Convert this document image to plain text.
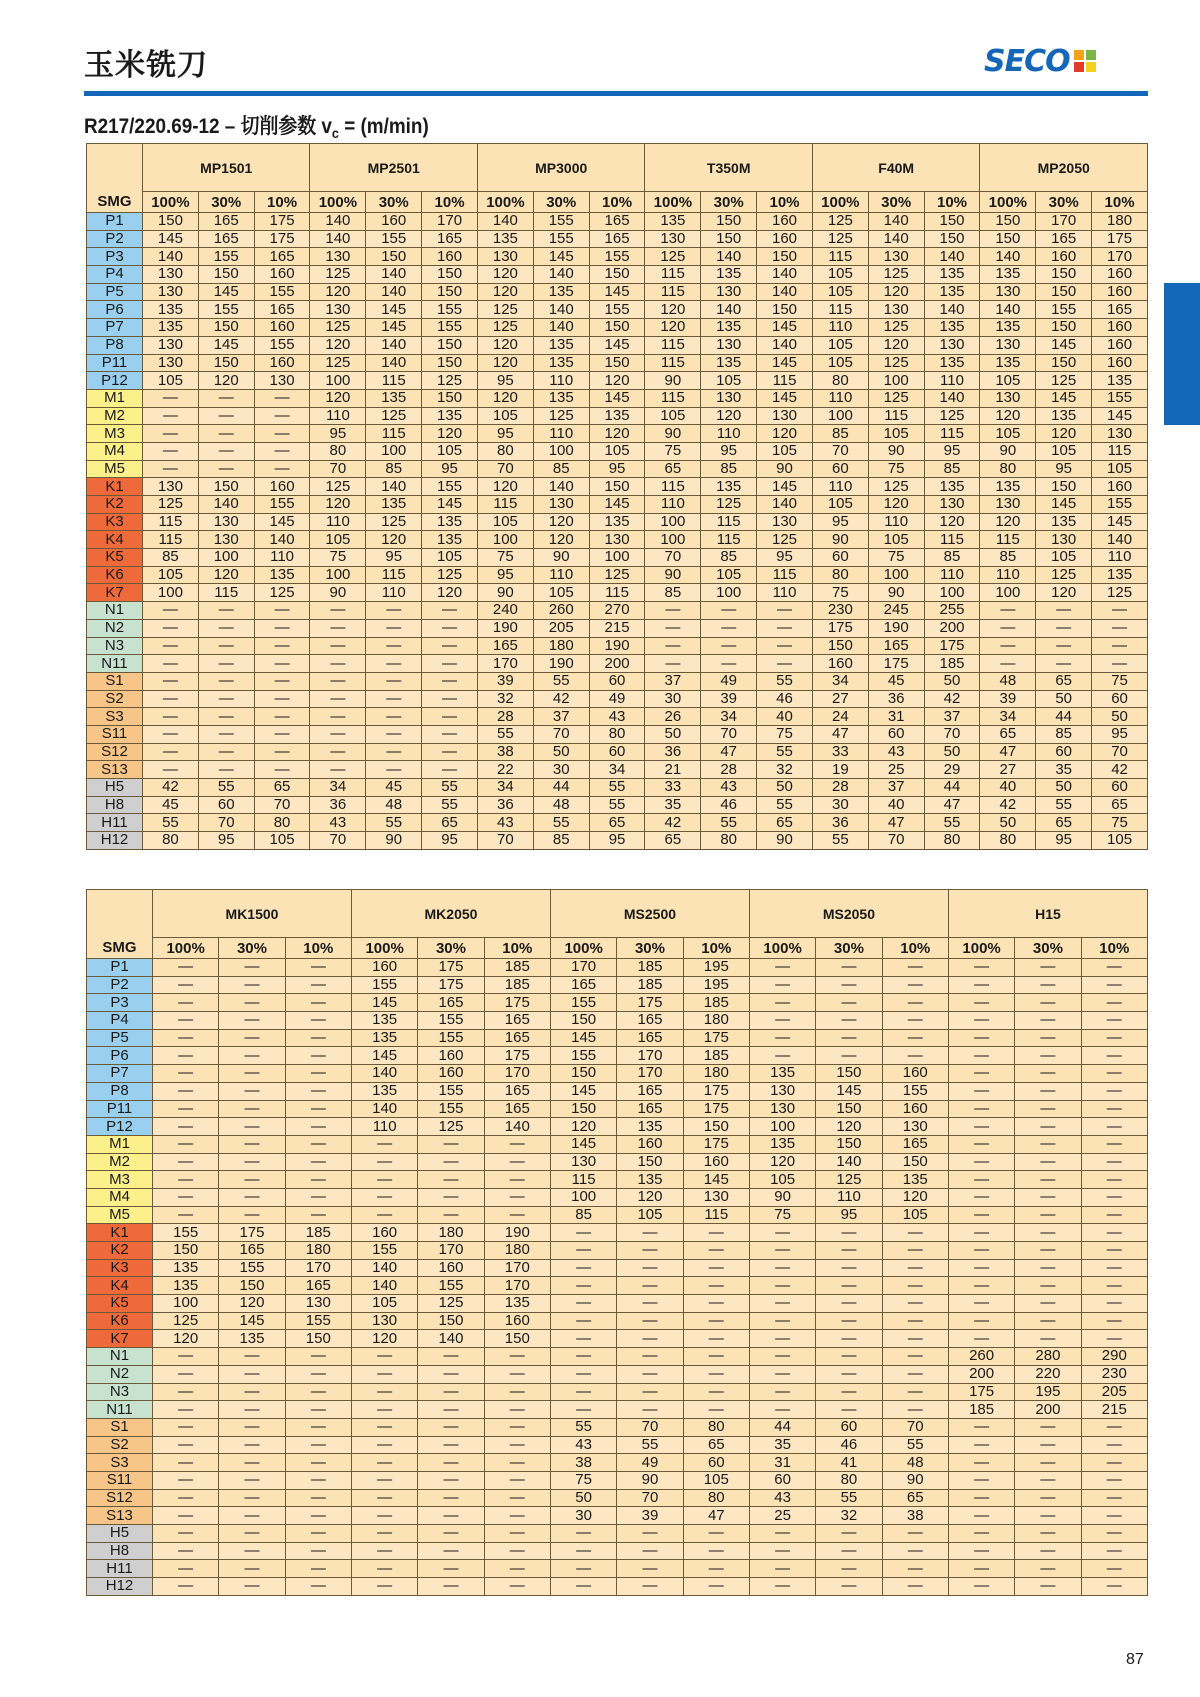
玉米铣刀	SECO
R217/220.69-12 – 切削参数 $v_c = (m/\min)$
SMG	MP1501			MP2501			MP3000			T350M			F40M			MP2050		
	100%	30%	10%	100%	30%	10%	100%	30%	10%	100%	30%	10%	100%	30%	10%	100%	30%	10%
P1	150	165	175	140	160	170	140	155	165	135	150	160	125	140	150	150	170	180
P2	145	165	175	140	155	165	135	155	165	130	150	160	125	140	150	150	165	175
P3	140	155	165	130	150	160	130	145	155	125	140	150	115	130	140	140	160	170
P4	130	150	160	125	140	150	120	140	150	115	135	140	105	125	135	135	150	160
P5	130	145	155	120	140	150	120	135	145	115	130	140	105	120	135	130	150	160
P6	135	155	165	130	145	155	125	140	155	120	140	150	115	130	140	140	155	165
P7	135	150	160	125	145	155	125	140	150	120	135	145	110	125	135	135	150	160
P8	130	145	155	120	140	150	120	135	145	115	130	140	105	120	130	130	145	160
P11	130	150	160	125	140	150	120	135	150	115	135	145	105	125	135	135	150	160
P12	105	120	130	100	115	125	95	110	120	90	105	115	80	100	110	105	125	135
M1	—	—	—	120	135	150	120	135	145	115	130	145	110	125	140	130	145	155
M2	—	—	—	110	125	135	105	125	135	105	120	130	100	115	125	120	135	145
M3	—	—	—	95	115	120	95	110	120	90	110	120	85	105	115	105	120	130
M4	—	—	—	80	100	105	80	100	105	75	95	105	70	90	95	90	105	115
M5	—	—	—	70	85	95	70	85	95	65	85	90	60	75	85	80	95	105
K1	130	150	160	125	140	155	120	140	150	115	135	145	110	125	135	135	150	160
K2	125	140	155	120	135	145	115	130	145	110	125	140	105	120	130	130	145	155
K3	115	130	145	110	125	135	105	120	135	100	115	130	95	110	120	120	135	145
K4	115	130	140	105	120	135	100	120	130	100	115	125	90	105	115	115	130	140
K5	85	100	110	75	95	105	75	90	100	70	85	95	60	75	85	85	105	110
K6	105	120	135	100	115	125	95	110	125	90	105	115	80	100	110	110	125	135
K7	100	115	125	90	110	120	90	105	115	85	100	110	75	90	100	100	120	125
N1	—	—	—	—	—	—	240	260	270	—	—	—	230	245	255	—	—	—
N2	—	—	—	—	—	—	190	205	215	—	—	—	175	190	200	—	—	—
N3	—	—	—	—	—	—	165	180	190	—	—	—	150	165	175	—	—	—
N11	—	—	—	—	—	—	170	190	200	—	—	—	160	175	185	—	—	—
S1	—	—	—	—	—	—	39	55	60	37	49	55	34	45	50	48	65	75
S2	—	—	—	—	—	—	32	42	49	30	39	46	27	36	42	39	50	60
S3	—	—	—	—	—	—	28	37	43	26	34	40	24	31	37	34	44	50
S11	—	—	—	—	—	—	55	70	80	50	70	75	47	60	70	65	85	95
S12	—	—	—	—	—	—	38	50	60	36	47	55	33	43	50	47	60	70
S13	—	—	—	—	—	—	22	30	34	21	28	32	19	25	29	27	35	42
H5	42	55	65	34	45	55	34	44	55	33	43	50	28	37	44	40	50	60
H8	45	60	70	36	48	55	36	48	55	35	46	55	30	40	47	42	55	65
H11	55	70	80	43	55	65	43	55	65	42	55	65	36	47	55	50	65	75
H12	80	95	105	70	90	95	70	85	95	65	80	90	55	70	80	80	95	105
SMG	MK1500			MK2050			MS2500			MS2050			H15		
	100%	30%	10%	100%	30%	10%	100%	30%	10%	100%	30%	10%	100%	30%	10%
P1	—	—	—	160	175	185	170	185	195	—	—	—	—	—	—
P2	—	—	—	155	175	185	165	185	195	—	—	—	—	—	—
P3	—	—	—	145	165	175	155	175	185	—	—	—	—	—	—
P4	—	—	—	135	155	165	150	165	180	—	—	—	—	—	—
P5	—	—	—	135	155	165	145	165	175	—	—	—	—	—	—
P6	—	—	—	145	160	175	155	170	185	—	—	—	—	—	—
P7	—	—	—	140	160	170	150	170	180	135	150	160	—	—	—
P8	—	—	—	135	155	165	145	165	175	130	145	155	—	—	—
P11	—	—	—	140	155	165	150	165	175	130	150	160	—	—	—
P12	—	—	—	110	125	140	120	135	150	100	120	130	—	—	—
M1	—	—	—	—	—	—	145	160	175	135	150	165	—	—	—
M2	—	—	—	—	—	—	130	150	160	120	140	150	—	—	—
M3	—	—	—	—	—	—	115	135	145	105	125	135	—	—	—
M4	—	—	—	—	—	—	100	120	130	90	110	120	—	—	—
M5	—	—	—	—	—	—	85	105	115	75	95	105	—	—	—
K1	155	175	185	160	180	190	—	—	—	—	—	—	—	—	—
K2	150	165	180	155	170	180	—	—	—	—	—	—	—	—	—
K3	135	155	170	140	160	170	—	—	—	—	—	—	—	—	—
K4	135	150	165	140	155	170	—	—	—	—	—	—	—	—	—
K5	100	120	130	105	125	135	—	—	—	—	—	—	—	—	—
K6	125	145	155	130	150	160	—	—	—	—	—	—	—	—	—
K7	120	135	150	120	140	150	—	—	—	—	—	—	—	—	—
N1	—	—	—	—	—	—	—	—	—	—	—	—	260	280	290
N2	—	—	—	—	—	—	—	—	—	—	—	—	200	220	230
N3	—	—	—	—	—	—	—	—	—	—	—	—	175	195	205
N11	—	—	—	—	—	—	—	—	—	—	—	—	185	200	215
S1	—	—	—	—	—	—	55	70	80	44	60	70	—	—	—
S2	—	—	—	—	—	—	43	55	65	35	46	55	—	—	—
S3	—	—	—	—	—	—	38	49	60	31	41	48	—	—	—
S11	—	—	—	—	—	—	75	90	105	60	80	90	—	—	—
S12	—	—	—	—	—	—	50	70	80	43	55	65	—	—	—
S13	—	—	—	—	—	—	30	39	47	25	32	38	—	—	—
H5	—	—	—	—	—	—	—	—	—	—	—	—	—	—	—
H8	—	—	—	—	—	—	—	—	—	—	—	—	—	—	—
H11	—	—	—	—	—	—	—	—	—	—	—	—	—	—	—
H12	—	—	—	—	—	—	—	—	—	—	—	—	—	—	—
87
